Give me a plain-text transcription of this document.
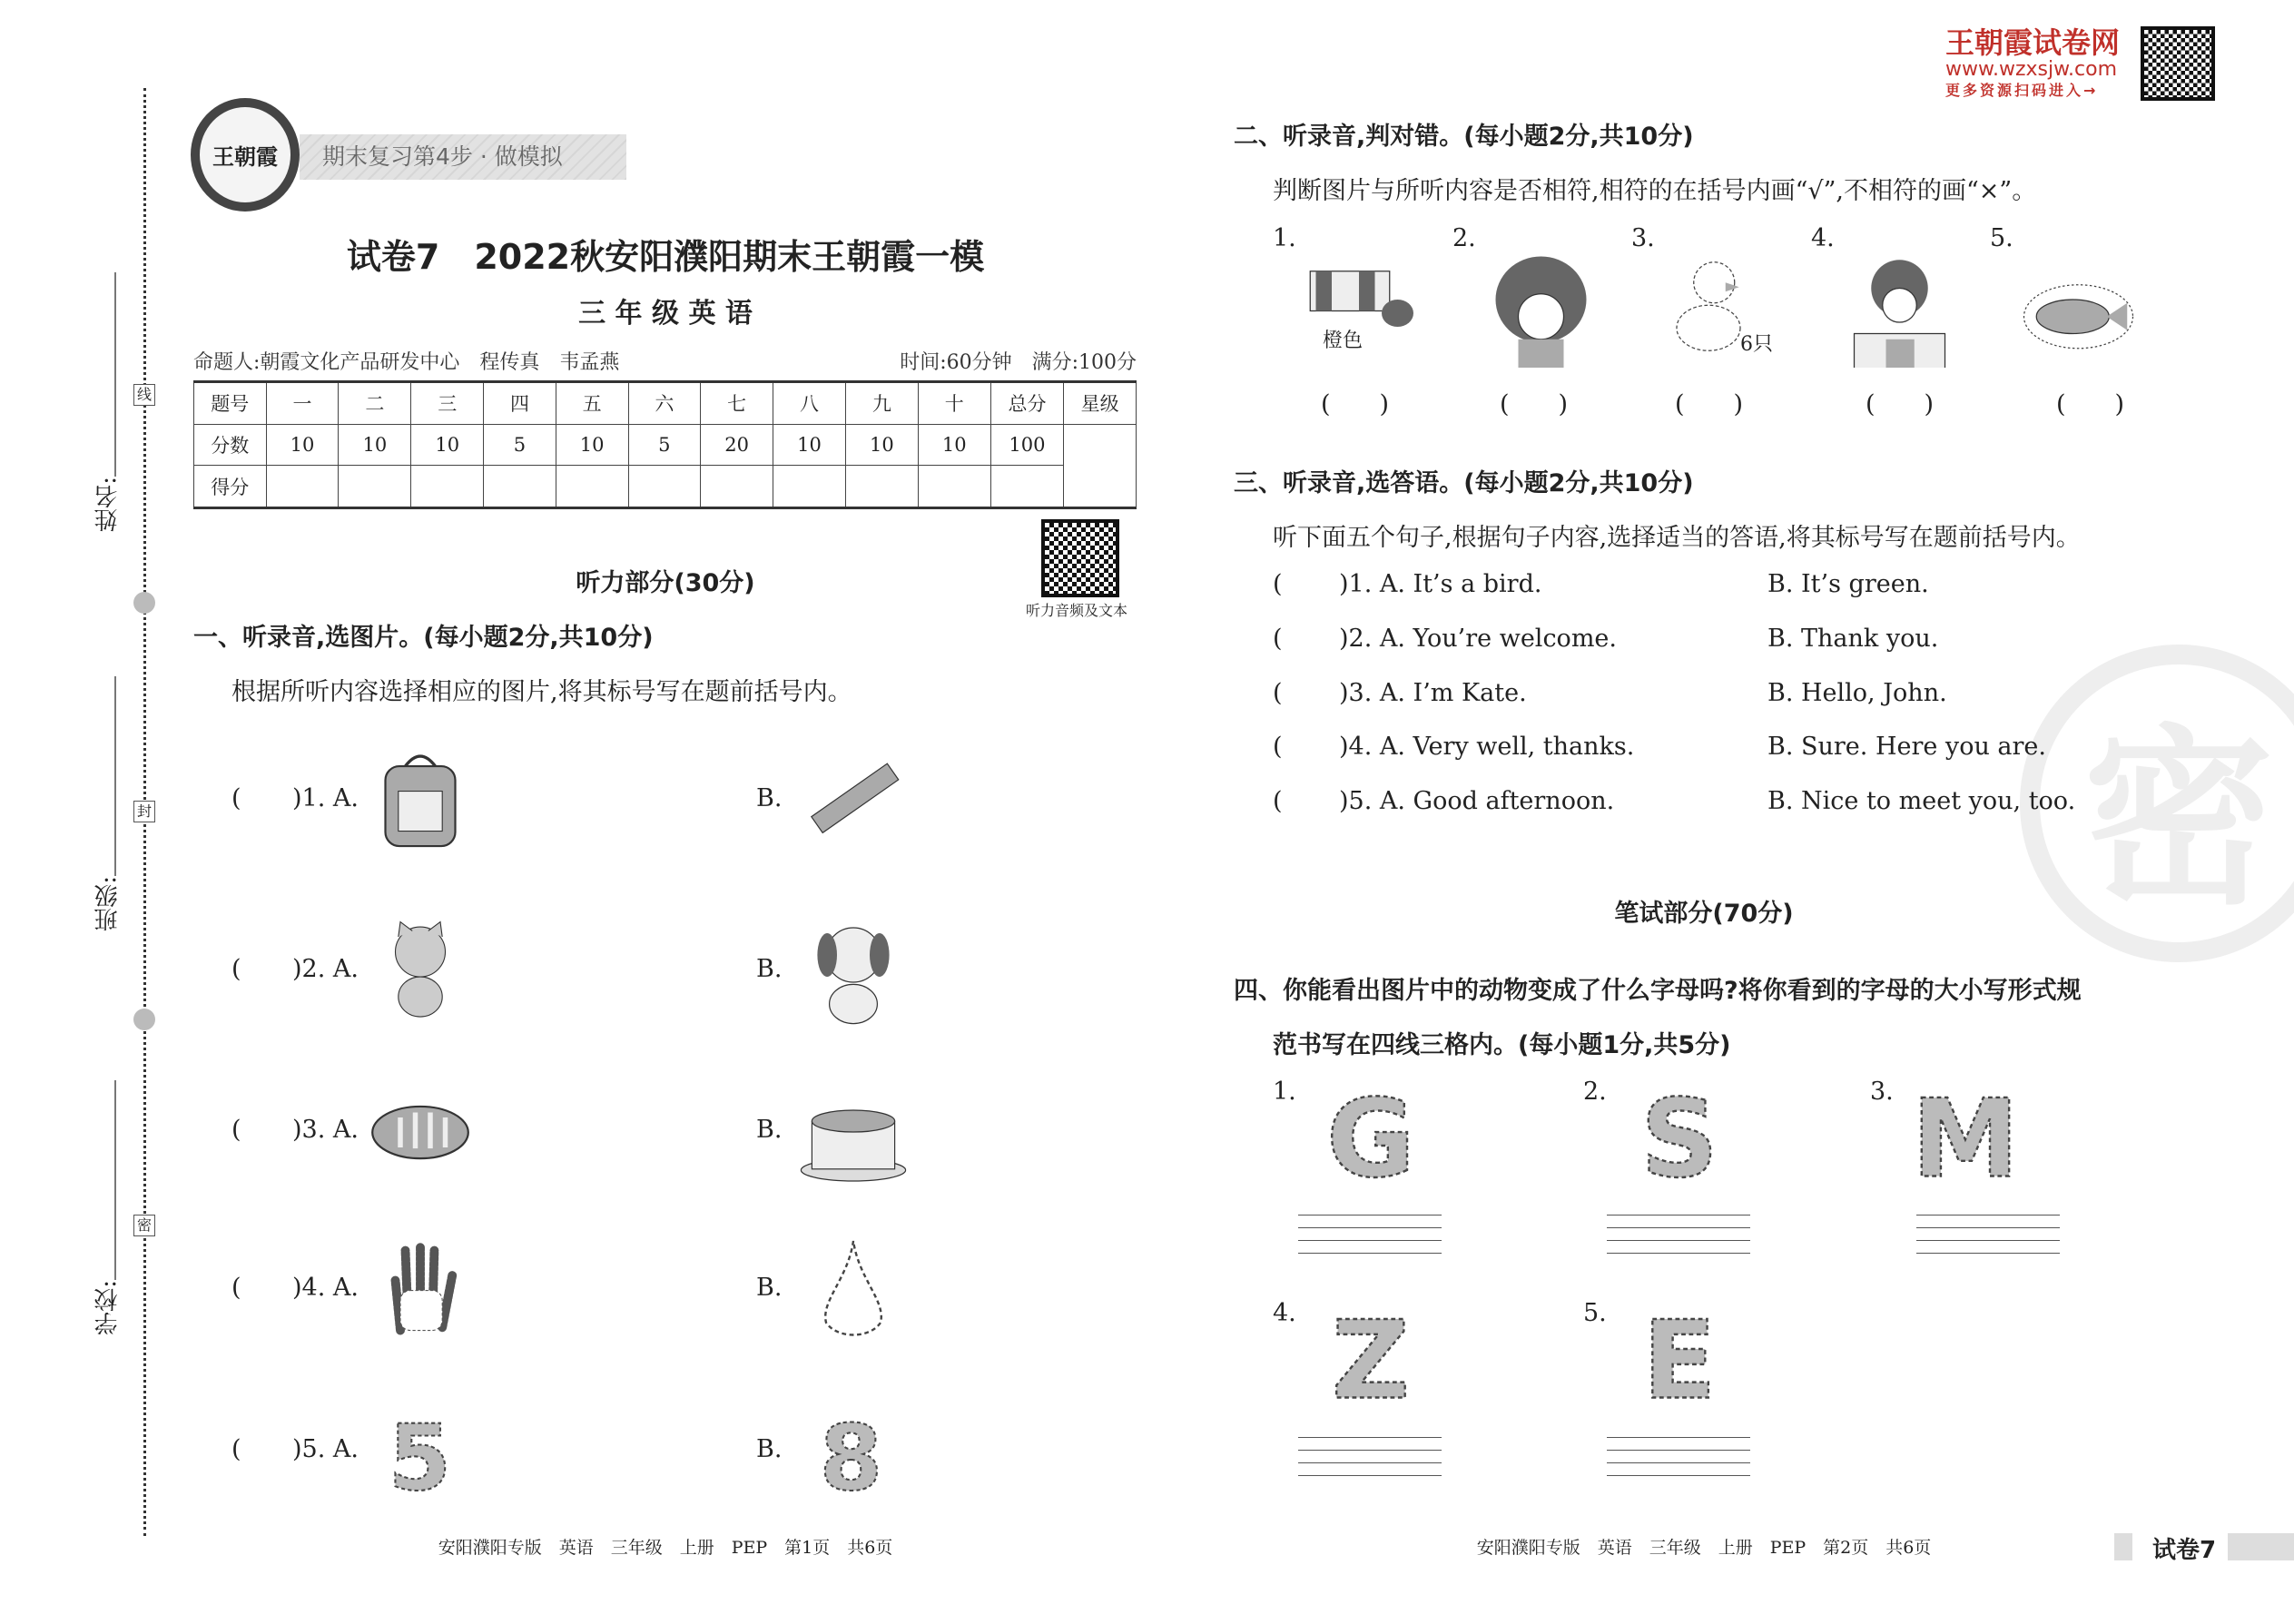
姓名:
班级:
学校:
线
封
密
王朝霞	期末复习第4步 · 做模拟
试卷7　2022秋安阳濮阳期末王朝霞一模
三 年 级 英 语
命题人:朝霞文化产品研发中心　程传真　韦孟燕	时间:60分钟　满分:100分
题号	一	二	三	四	五	六	七	八	九	十	总分	星级
分数	10	10	10	5	10	5	20	10	10	10	100	
得分												
听力音频及文本
听力部分(30分)
一、听录音,选图片。(每小题2分,共10分)
根据所听内容选择相应的图片,将其标号写在题前括号内。
安阳濮阳专版　英语　三年级　上册　PEP　第1页　共6页
王朝霞试卷网
www.wzxsjw.com
更多资源扫码进入→
二、听录音,判对错。(每小题2分,共10分)
判断图片与所听内容是否相符,相符的在括号内画“√”,不相符的画“×”。
三、听录音,选答语。(每小题2分,共10分)
听下面五个句子,根据句子内容,选择适当的答语,将其标号写在题前括号内。
密
笔试部分(70分)
四、你能看出图片中的动物变成了什么字母吗?将你看到的字母的大小写形式规
范书写在四线三格内。(每小题1分,共5分)
安阳濮阳专版　英语　三年级　上册　PEP　第2页　共6页	试卷7
( )1. A.	B.
( )2. A.	B.
( )3. A.	B.
( )4. A.	B.
( )5. A.	B.
5	8
1.
橙色
(　　)
2.
(　　)
3.
6只
(　　)
4.
(　　)
5.
(　　)
( )1. A. It’s a bird.	B. It’s green.
( )2. A. You’re welcome.	B. Thank you.
( )3. A. I’m Kate.	B. Hello, John.
( )4. A. Very well, thanks.	B. Sure. Here you are.
( )5. A. Good afternoon.	B. Nice to meet you, too.
1. G	2. S	3. M
4. Z	5. E
